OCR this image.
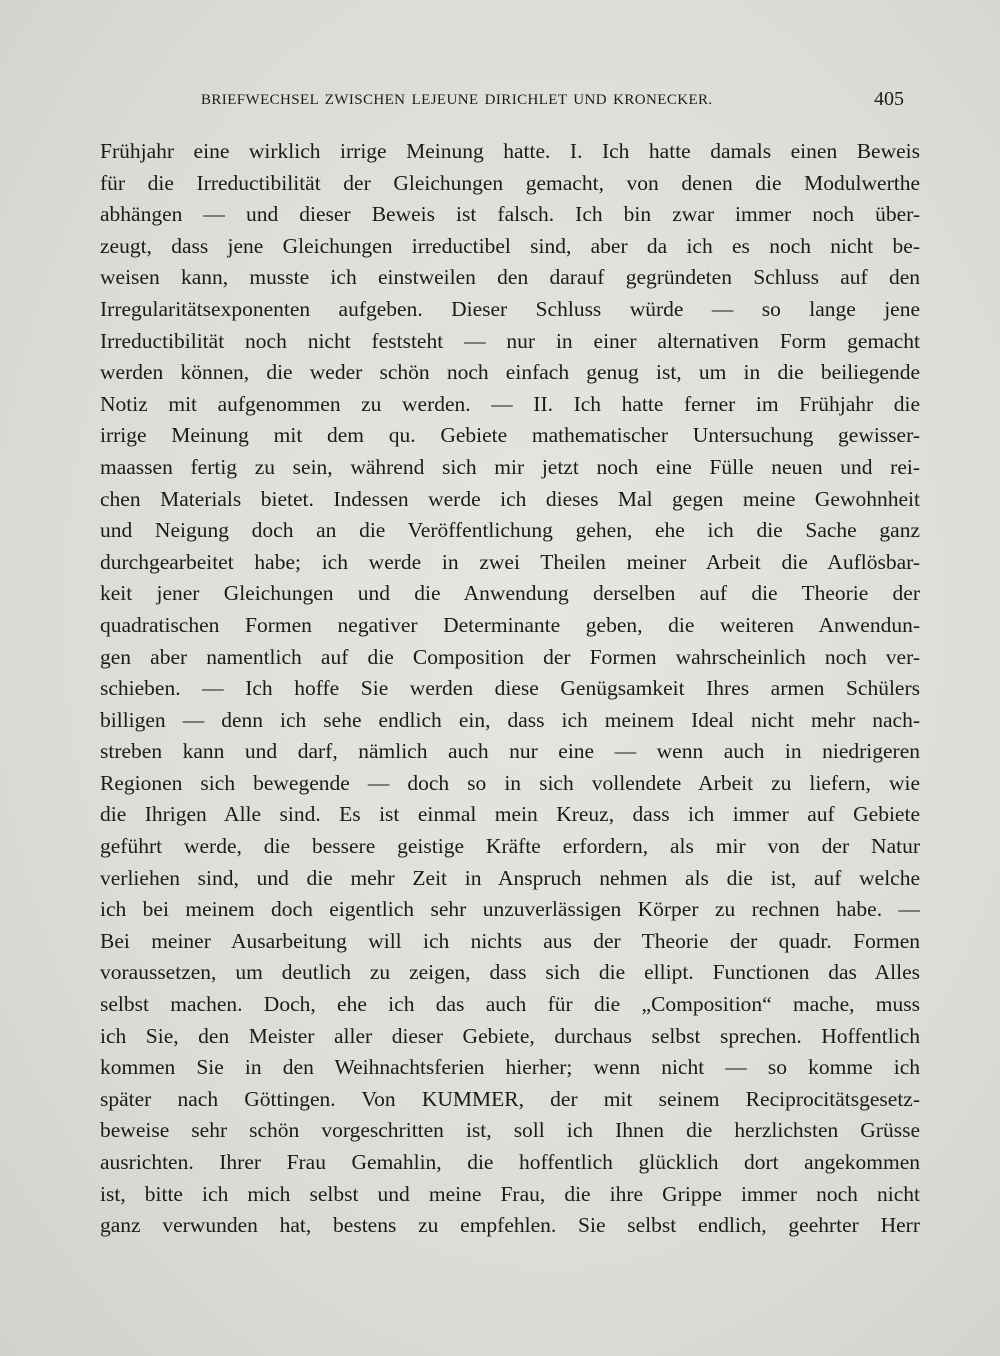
BRIEFWECHSEL ZWISCHEN LEJEUNE DIRICHLET UND KRONECKER.	405
Frühjahr eine wirklich irrige Meinung hatte. I. Ich hatte damals einen Beweis
für die Irreductibilität der Gleichungen gemacht, von denen die Modulwerthe
abhängen — und dieser Beweis ist falsch. Ich bin zwar immer noch über-
zeugt, dass jene Gleichungen irreductibel sind, aber da ich es noch nicht be-
weisen kann, musste ich einstweilen den darauf gegründeten Schluss auf den
Irregularitätsexponenten aufgeben. Dieser Schluss würde — so lange jene
Irreductibilität noch nicht feststeht — nur in einer alternativen Form gemacht
werden können, die weder schön noch einfach genug ist, um in die beiliegende
Notiz mit aufgenommen zu werden. — II. Ich hatte ferner im Frühjahr die
irrige Meinung mit dem qu. Gebiete mathematischer Untersuchung gewisser-
maassen fertig zu sein, während sich mir jetzt noch eine Fülle neuen und rei-
chen Materials bietet. Indessen werde ich dieses Mal gegen meine Gewohnheit
und Neigung doch an die Veröffentlichung gehen, ehe ich die Sache ganz
durchgearbeitet habe; ich werde in zwei Theilen meiner Arbeit die Auflösbar-
keit jener Gleichungen und die Anwendung derselben auf die Theorie der
quadratischen Formen negativer Determinante geben, die weiteren Anwendun-
gen aber namentlich auf die Composition der Formen wahrscheinlich noch ver-
schieben. — Ich hoffe Sie werden diese Genügsamkeit Ihres armen Schülers
billigen — denn ich sehe endlich ein, dass ich meinem Ideal nicht mehr nach-
streben kann und darf, nämlich auch nur eine — wenn auch in niedrigeren
Regionen sich bewegende — doch so in sich vollendete Arbeit zu liefern, wie
die Ihrigen Alle sind. Es ist einmal mein Kreuz, dass ich immer auf Gebiete
geführt werde, die bessere geistige Kräfte erfordern, als mir von der Natur
verliehen sind, und die mehr Zeit in Anspruch nehmen als die ist, auf welche
ich bei meinem doch eigentlich sehr unzuverlässigen Körper zu rechnen habe. —
Bei meiner Ausarbeitung will ich nichts aus der Theorie der quadr. Formen
voraussetzen, um deutlich zu zeigen, dass sich die ellipt. Functionen das Alles
selbst machen. Doch, ehe ich das auch für die „Composition“ mache, muss
ich Sie, den Meister aller dieser Gebiete, durchaus selbst sprechen. Hoffentlich
kommen Sie in den Weihnachtsferien hierher; wenn nicht — so komme ich
später nach Göttingen. Von KUMMER, der mit seinem Reciprocitätsgesetz-
beweise sehr schön vorgeschritten ist, soll ich Ihnen die herzlichsten Grüsse
ausrichten. Ihrer Frau Gemahlin, die hoffentlich glücklich dort angekommen
ist, bitte ich mich selbst und meine Frau, die ihre Grippe immer noch nicht
ganz verwunden hat, bestens zu empfehlen. Sie selbst endlich, geehrter Herr
